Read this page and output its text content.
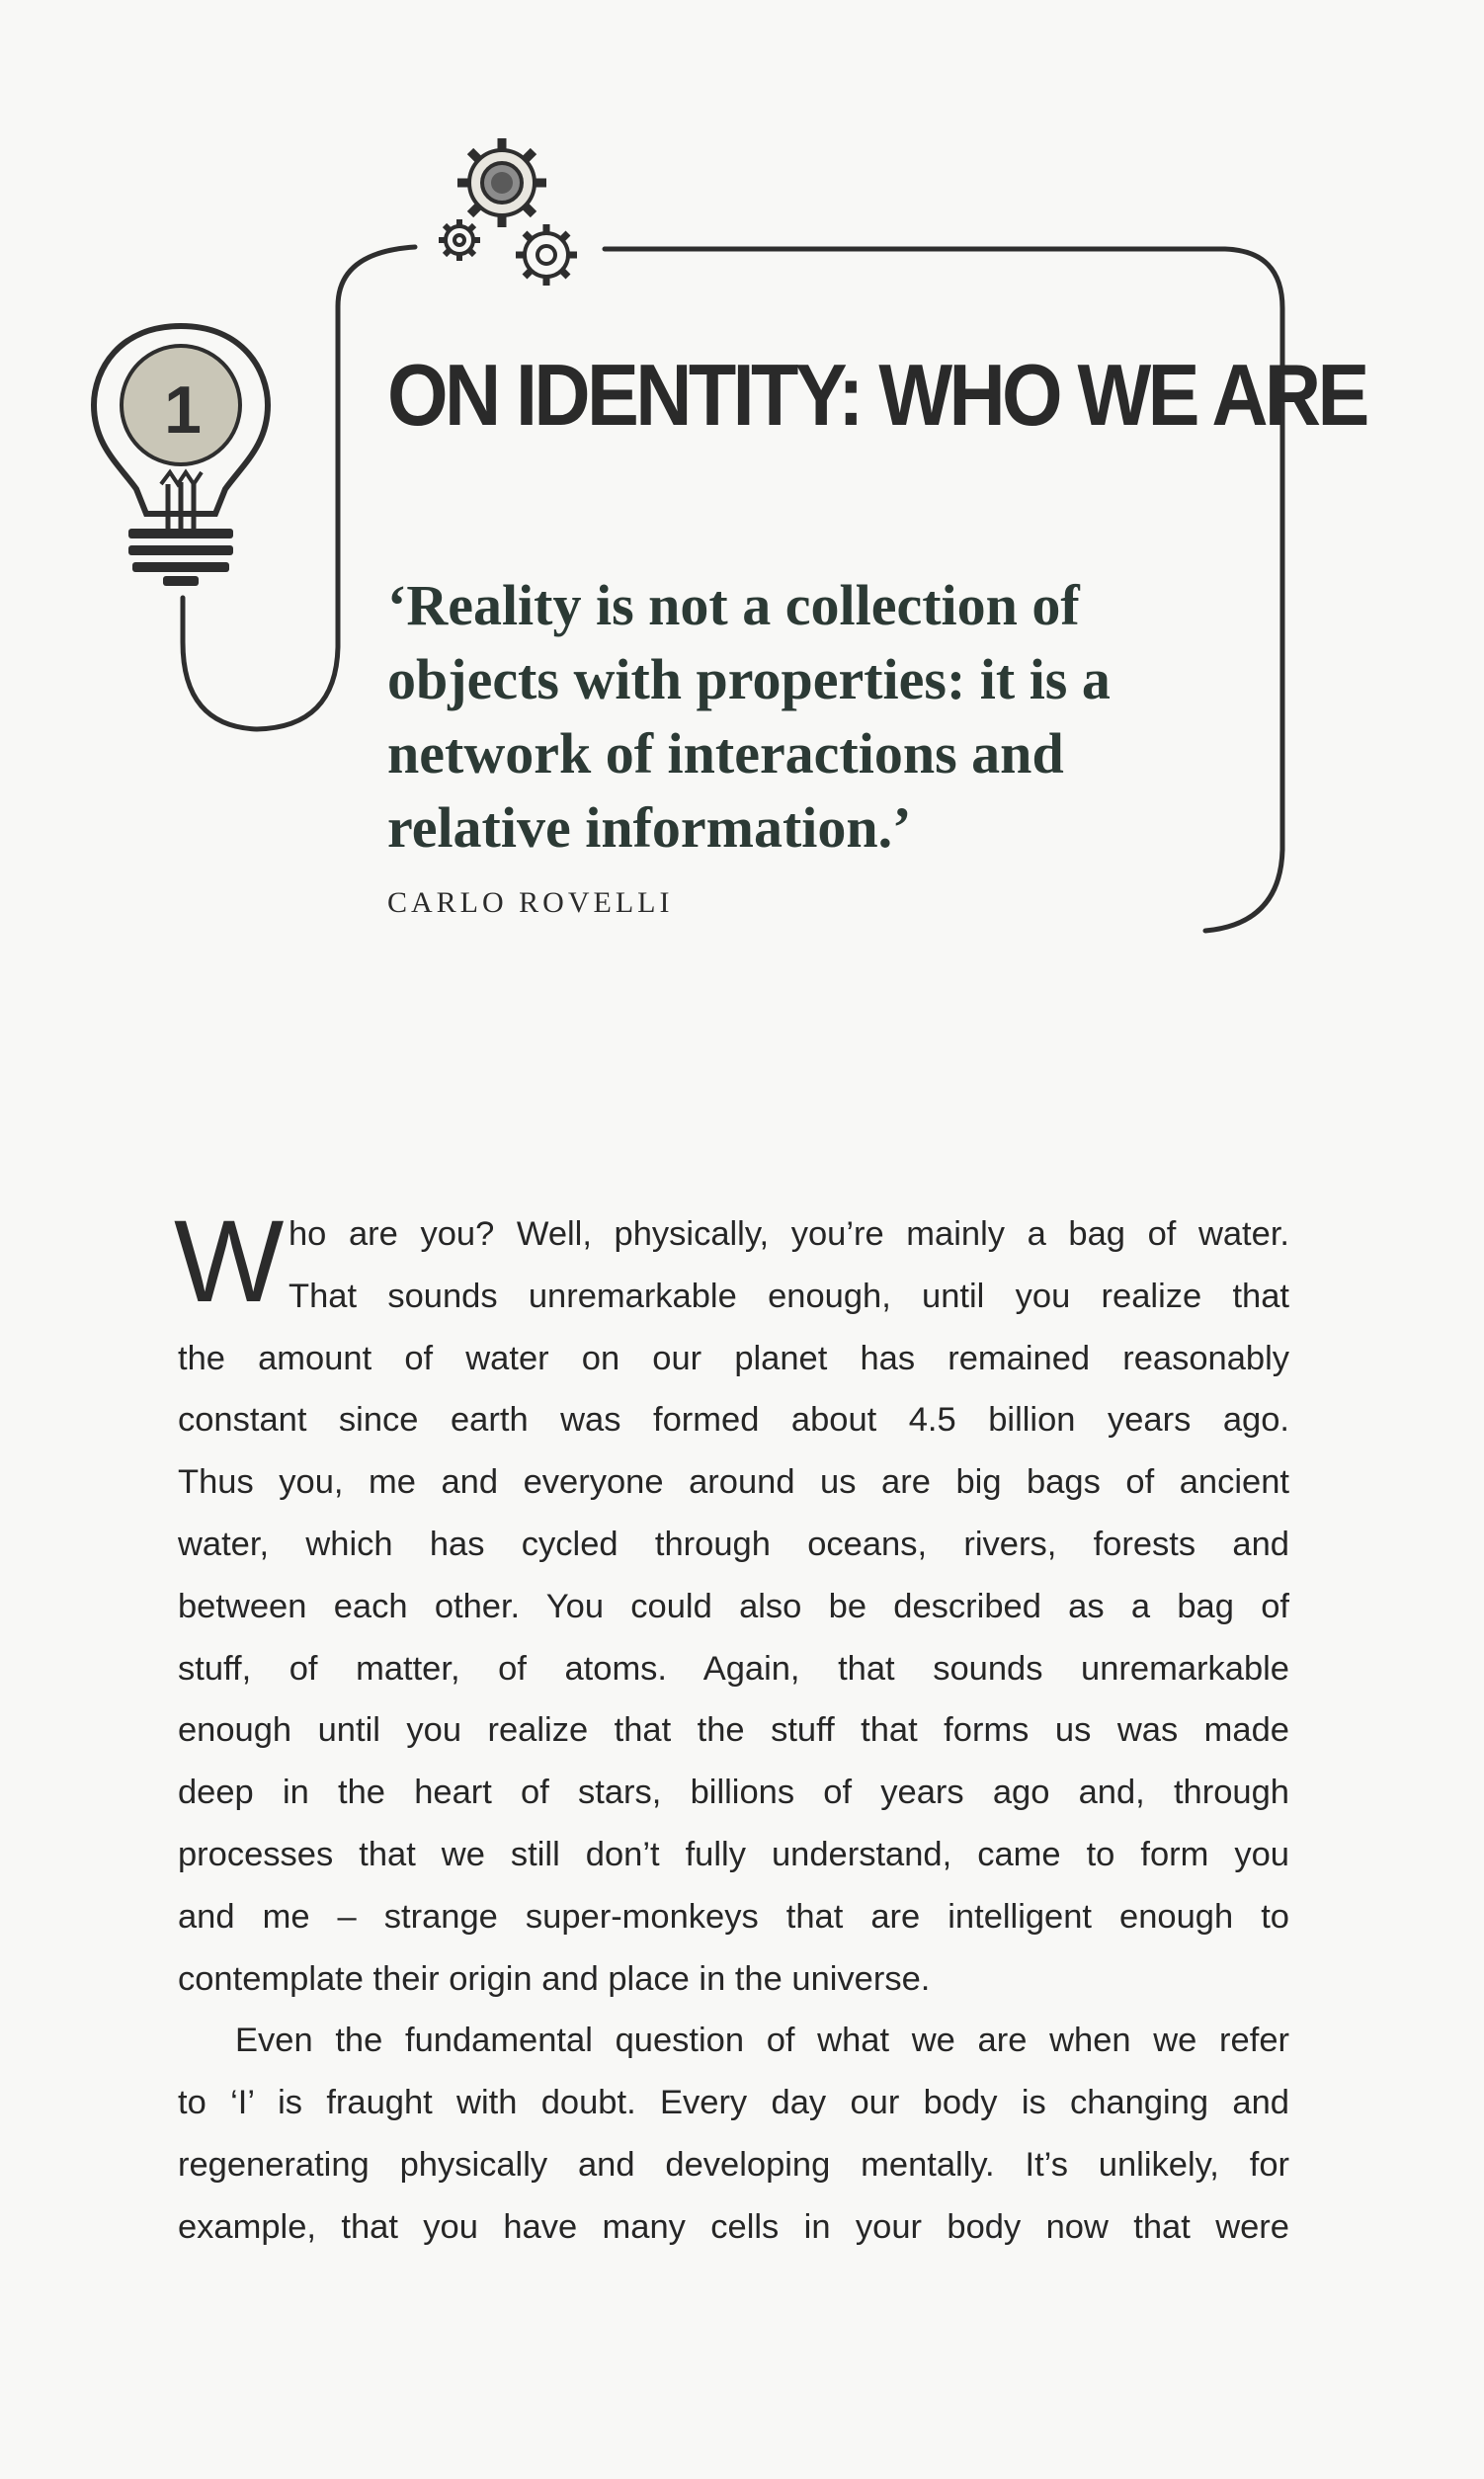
1	ON IDENTITY: WHO WE ARE

‘Reality is not a collection of
objects with properties: it is a
network of interactions and
relative information.’

CARLO ROVELLI

W ho are you? Well, physically, you’re mainly a bag of water.
That sounds unremarkable enough, until you realize that
the amount of water on our planet has remained reasonably
constant since earth was formed about 4.5 billion years ago.
Thus you, me and everyone around us are big bags of ancient
water, which has cycled through oceans, rivers, forests and
between each other. You could also be described as a bag of
stuff, of matter, of atoms. Again, that sounds unremarkable
enough until you realize that the stuff that forms us was made
deep in the heart of stars, billions of years ago and, through
processes that we still don’t fully understand, came to form you
and me – strange super-monkeys that are intelligent enough to
contemplate their origin and place in the universe.

Even the fundamental question of what we are when we refer
to ‘I’ is fraught with doubt. Every day our body is changing and
regenerating physically and developing mentally. It’s unlikely, for
example, that you have many cells in your body now that were
